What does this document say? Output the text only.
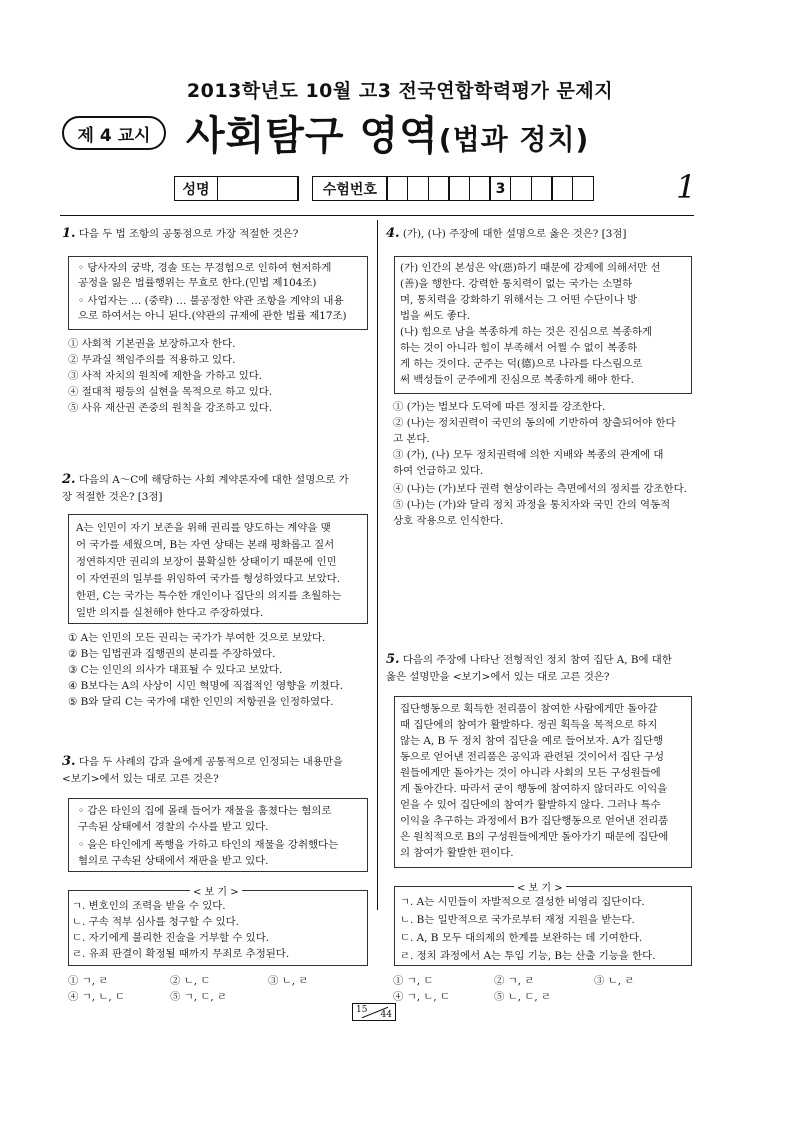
2013학년도 10월 고3 전국연합학력평가 문제지
제 4 교시 사회탐구 영역(법과 정치)
성명	수험번호	3	1
1. 다음 두 법 조항의 공통점으로 가장 적절한 것은?
◦ 당사자의 궁박, 경솔 또는 무경험으로 인하여 현저하게
공정을 잃은 법률행위는 무효로 한다.(민법 제104조)
◦ 사업자는 … (중략) … 불공정한 약관 조항을 계약의 내용
으로 하여서는 아니 된다.(약관의 규제에 관한 법률 제17조)
① 사회적 기본권을 보장하고자 한다.
② 무과실 책임주의를 적용하고 있다.
③ 사적 자치의 원칙에 제한을 가하고 있다.
④ 절대적 평등의 실현을 목적으로 하고 있다.
⑤ 사유 재산권 존중의 원칙을 강조하고 있다.
2. 다음의 A～C에 해당하는 사회 계약론자에 대한 설명으로 가
장 적절한 것은? [3점]
A는 인민이 자기 보존을 위해 권리를 양도하는 계약을 맺
어 국가를 세웠으며, B는 자연 상태는 본래 평화롭고 질서
정연하지만 권리의 보장이 불확실한 상태이기 때문에 인민
이 자연권의 일부를 위임하여 국가를 형성하였다고 보았다.
한편, C는 국가는 특수한 개인이나 집단의 의지를 초월하는
일반 의지를 실천해야 한다고 주장하였다.
① A는 인민의 모든 권리는 국가가 부여한 것으로 보았다.
② B는 입법권과 집행권의 분리를 주장하였다.
③ C는 인민의 의사가 대표될 수 있다고 보았다.
④ B보다는 A의 사상이 시민 혁명에 직접적인 영향을 끼쳤다.
⑤ B와 달리 C는 국가에 대한 인민의 저항권을 인정하였다.
3. 다음 두 사례의 갑과 을에게 공통적으로 인정되는 내용만을
<보기>에서 있는 대로 고른 것은?
◦ 갑은 타인의 집에 몰래 들어가 재물을 훔쳤다는 혐의로
구속된 상태에서 경찰의 수사를 받고 있다.
◦ 을은 타인에게 폭행을 가하고 타인의 재물을 강취했다는
혐의로 구속된 상태에서 재판을 받고 있다.
< 보 기 >
ㄱ. 변호인의 조력을 받을 수 있다.
ㄴ. 구속 적부 심사를 청구할 수 있다.
ㄷ. 자기에게 불리한 진술을 거부할 수 있다.
ㄹ. 유죄 판결이 확정될 때까지 무죄로 추정된다.
① ㄱ, ㄹ	② ㄴ, ㄷ	③ ㄴ, ㄹ
④ ㄱ, ㄴ, ㄷ	⑤ ㄱ, ㄷ, ㄹ
4. (가), (나) 주장에 대한 설명으로 옳은 것은? [3점]
(가) 인간의 본성은 악(惡)하기 때문에 강제에 의해서만 선
(善)을 행한다. 강력한 통치력이 없는 국가는 소멸하
며, 통치력을 강화하기 위해서는 그 어떤 수단이나 방
법을 써도 좋다.
(나) 힘으로 남을 복종하게 하는 것은 진심으로 복종하게
하는 것이 아니라 힘이 부족해서 어쩔 수 없이 복종하
게 하는 것이다. 군주는 덕(德)으로 나라를 다스림으로
써 백성들이 군주에게 진심으로 복종하게 해야 한다.
① (가)는 법보다 도덕에 따른 정치를 강조한다.
② (나)는 정치권력이 국민의 동의에 기반하여 창출되어야 한다
고 본다.
③ (가), (나) 모두 정치권력에 의한 지배와 복종의 관계에 대
하여 언급하고 있다.
④ (나)는 (가)보다 권력 현상이라는 측면에서의 정치를 강조한다.
⑤ (나)는 (가)와 달리 정치 과정을 통치자와 국민 간의 역동적
상호 작용으로 인식한다.
5. 다음의 주장에 나타난 전형적인 정치 참여 집단 A, B에 대한
옳은 설명만을 <보기>에서 있는 대로 고른 것은?
집단행동으로 획득한 전리품이 참여한 사람에게만 돌아갈
때 집단에의 참여가 활발하다. 정권 획득을 목적으로 하지
않는 A, B 두 정치 참여 집단을 예로 들어보자. A가 집단행
동으로 얻어낸 전리품은 공익과 관련된 것이어서 집단 구성
원들에게만 돌아가는 것이 아니라 사회의 모든 구성원들에
게 돌아간다. 따라서 굳이 행동에 참여하지 않더라도 이익을
얻을 수 있어 집단에의 참여가 활발하지 않다. 그러나 특수
이익을 추구하는 과정에서 B가 집단행동으로 얻어낸 전리품
은 원칙적으로 B의 구성원들에게만 돌아가기 때문에 집단에
의 참여가 활발한 편이다.
< 보 기 >
ㄱ. A는 시민들이 자발적으로 결성한 비영리 집단이다.
ㄴ. B는 일반적으로 국가로부터 재정 지원을 받는다.
ㄷ. A, B 모두 대의제의 한계를 보완하는 데 기여한다.
ㄹ. 정치 과정에서 A는 투입 기능, B는 산출 기능을 한다.
① ㄱ, ㄷ	② ㄱ, ㄹ	③ ㄴ, ㄹ
④ ㄱ, ㄴ, ㄷ	⑤ ㄴ, ㄷ, ㄹ
15 44
